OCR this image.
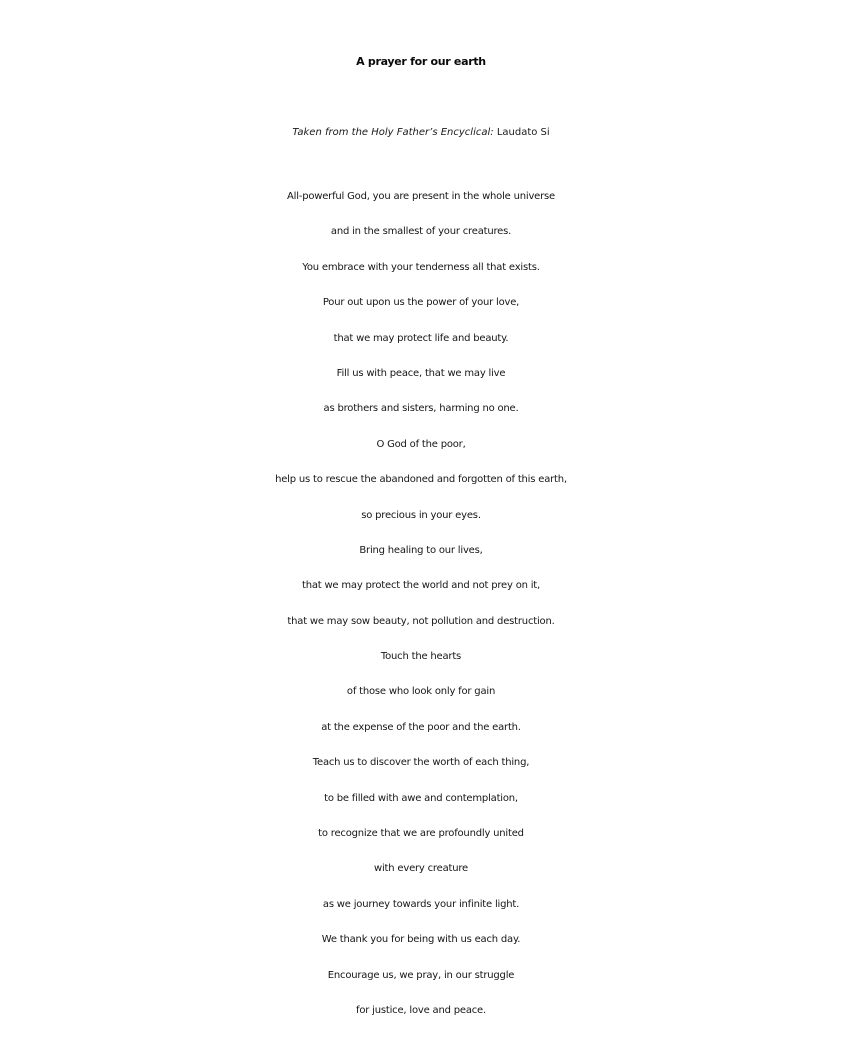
A prayer for our earth

Taken from the Holy Father’s Encyclical: Laudato Si

All-powerful God, you are present in the whole universe
and in the smallest of your creatures.
You embrace with your tenderness all that exists.
Pour out upon us the power of your love,
that we may protect life and beauty.
Fill us with peace, that we may live
as brothers and sisters, harming no one.
O God of the poor,
help us to rescue the abandoned and forgotten of this earth,
so precious in your eyes.
Bring healing to our lives,
that we may protect the world and not prey on it,
that we may sow beauty, not pollution and destruction.
Touch the hearts
of those who look only for gain
at the expense of the poor and the earth.
Teach us to discover the worth of each thing,
to be filled with awe and contemplation,
to recognize that we are profoundly united
with every creature
as we journey towards your infinite light.
We thank you for being with us each day.
Encourage us, we pray, in our struggle
for justice, love and peace.
